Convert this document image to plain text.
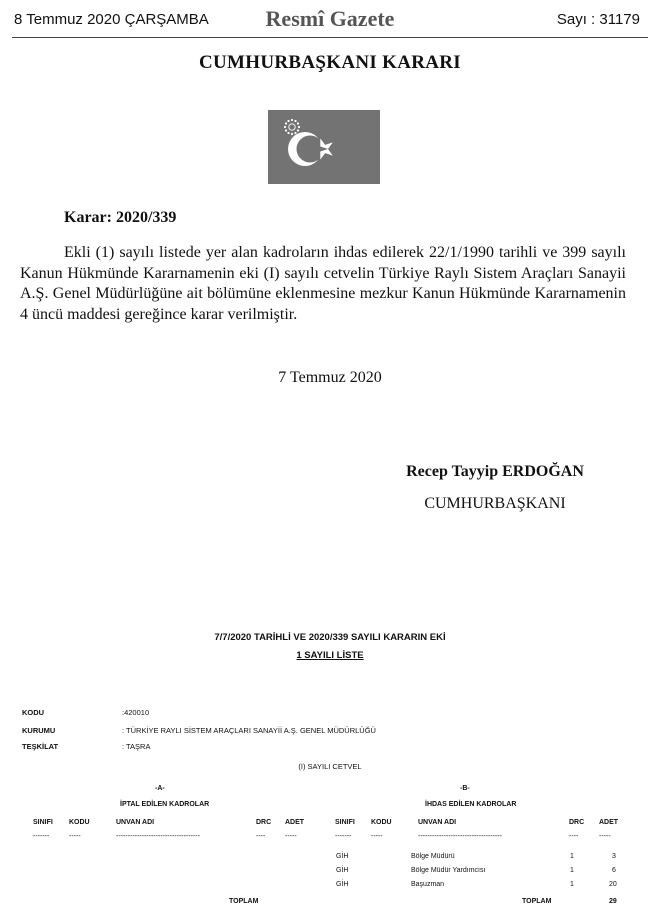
8 Temmuz 2020 ÇARŞAMBA	Resmî Gazete	Sayı : 31179
CUMHURBAŞKANI KARARI
Karar: 2020/339
Ekli (1) sayılı listede yer alan kadroların ihdas edilerek 22/1/1990 tarihli ve 399 sayılı Kanun Hükmünde Kararnamenin eki (I) sayılı cetvelin Türkiye Raylı Sistem Araçları Sanayii A.Ş. Genel Müdürlüğüne ait bölümüne eklenmesine mezkur Kanun Hükmünde Kararnamenin 4 üncü maddesi gereğince karar verilmiştir.
7 Temmuz 2020
Recep Tayyip ERDOĞAN
CUMHURBAŞKANI
7/7/2020 TARİHLİ VE 2020/339 SAYILI KARARIN EKİ
1 SAYILI LİSTE
KODU	:420010
KURUMU	: TÜRKİYE RAYLI SİSTEM ARAÇLARI SANAYİİ A.Ş. GENEL MÜDÜRLÜĞÜ
TEŞKİLAT	: TAŞRA
(I) SAYILI CETVEL
-A-
İPTAL EDİLEN KADROLAR
SINIFI KODU	UNVAN ADI	DRC ADET
-------	-----	------------------------------------	----	-----
-B-
İHDAS EDİLEN KADROLAR
SINIFI KODU	UNVAN ADI	DRC ADET
-------	-----	------------------------------------	----	-----
GİH	Bölge Müdürü	1	3
GİH	Bölge Müdür Yardımcısı	1	6
GİH	Başuzman	1	20
TOPLAM	TOPLAM	29
